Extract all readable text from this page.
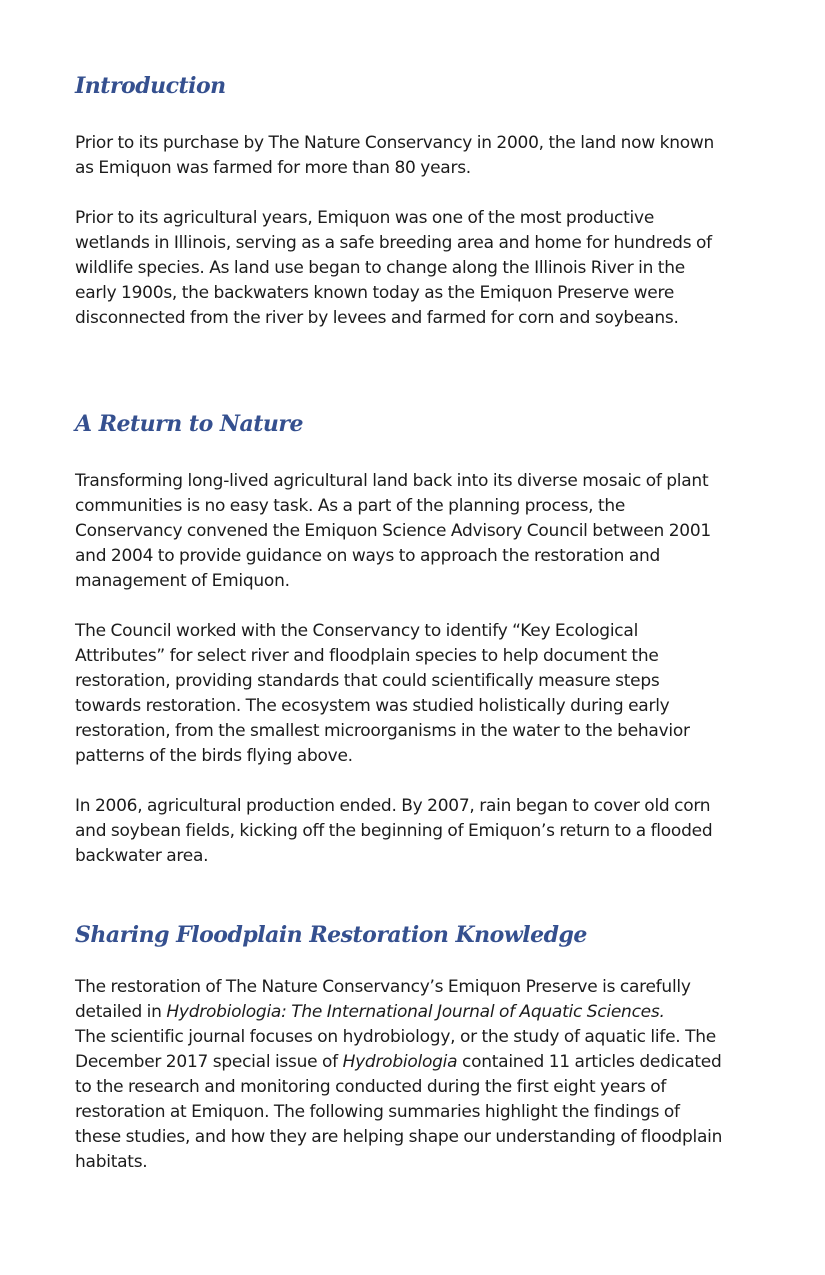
Introduction

Prior to its purchase by The Nature Conservancy in 2000, the land now known
as Emiquon was farmed for more than 80 years.

Prior to its agricultural years, Emiquon was one of the most productive
wetlands in Illinois, serving as a safe breeding area and home for hundreds of
wildlife species. As land use began to change along the Illinois River in the
early 1900s, the backwaters known today as the Emiquon Preserve were
disconnected from the river by levees and farmed for corn and soybeans.

A Return to Nature

Transforming long-lived agricultural land back into its diverse mosaic of plant
communities is no easy task. As a part of the planning process, the
Conservancy convened the Emiquon Science Advisory Council between 2001
and 2004 to provide guidance on ways to approach the restoration and
management of Emiquon.

The Council worked with the Conservancy to identify “Key Ecological
Attributes” for select river and floodplain species to help document the
restoration, providing standards that could scientifically measure steps
towards restoration. The ecosystem was studied holistically during early
restoration, from the smallest microorganisms in the water to the behavior
patterns of the birds flying above.

In 2006, agricultural production ended. By 2007, rain began to cover old corn
and soybean fields, kicking off the beginning of Emiquon’s return to a flooded
backwater area.

Sharing Floodplain Restoration Knowledge

The restoration of The Nature Conservancy’s Emiquon Preserve is carefully
detailed in Hydrobiologia: The International Journal of Aquatic Sciences.
The scientific journal focuses on hydrobiology, or the study of aquatic life. The
December 2017 special issue of Hydrobiologia contained 11 articles dedicated
to the research and monitoring conducted during the first eight years of
restoration at Emiquon. The following summaries highlight the findings of
these studies, and how they are helping shape our understanding of floodplain
habitats.
